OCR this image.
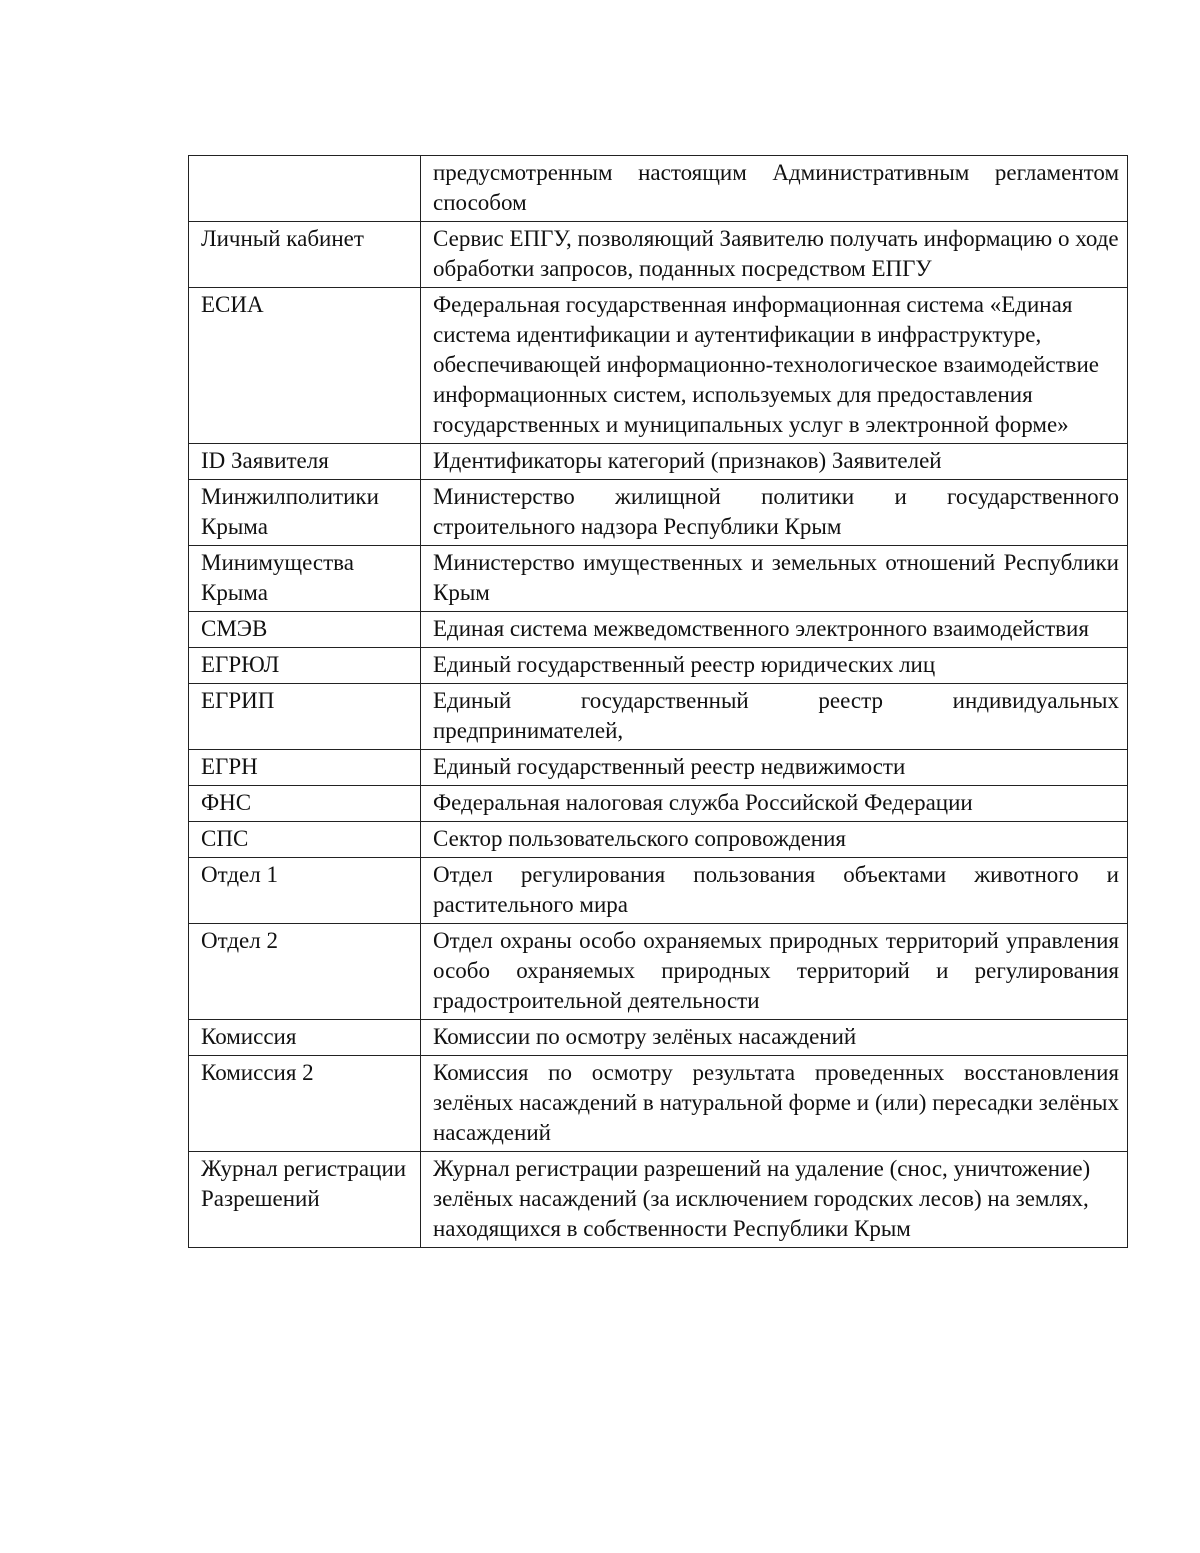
	предусмотренным настоящим Административным регламентом способом
Личный кабинет	Сервис ЕПГУ, позволяющий Заявителю получать информацию о ходе обработки запросов, поданных посредством ЕПГУ
ЕСИА	Федеральная государственная информационная система «Единая система идентификации и аутентификации в инфраструктуре, обеспечивающей информационно-технологическое взаимодействие информационных систем, используемых для предоставления государственных и муниципальных услуг в электронной форме»
ID Заявителя	Идентификаторы категорий (признаков) Заявителей
Минжилполитики Крыма	Министерство жилищной политики и государственного строительного надзора Республики Крым
Минимущества Крыма	Министерство имущественных и земельных отношений Республики Крым
СМЭВ	Единая система межведомственного электронного взаимодействия
ЕГРЮЛ	Единый государственный реестр юридических лиц
ЕГРИП	Единый государственный реестр индивидуальных предпринимателей,
ЕГРН	Единый государственный реестр недвижимости
ФНС	Федеральная налоговая служба Российской Федерации
СПС	Сектор пользовательского сопровождения
Отдел 1	Отдел регулирования пользования объектами животного и растительного мира
Отдел 2	Отдел охраны особо охраняемых природных территорий управления особо охраняемых природных территорий и регулирования градостроительной деятельности
Комиссия	Комиссии по осмотру зелёных насаждений
Комиссия 2	Комиссия по осмотру результата проведенных восстановления зелёных насаждений в натуральной форме и (или) пересадки зелёных насаждений
Журнал регистрации Разрешений	Журнал регистрации разрешений на удаление (снос, уничтожение) зелёных насаждений (за исключением городских лесов) на землях, находящихся в собственности Республики Крым
